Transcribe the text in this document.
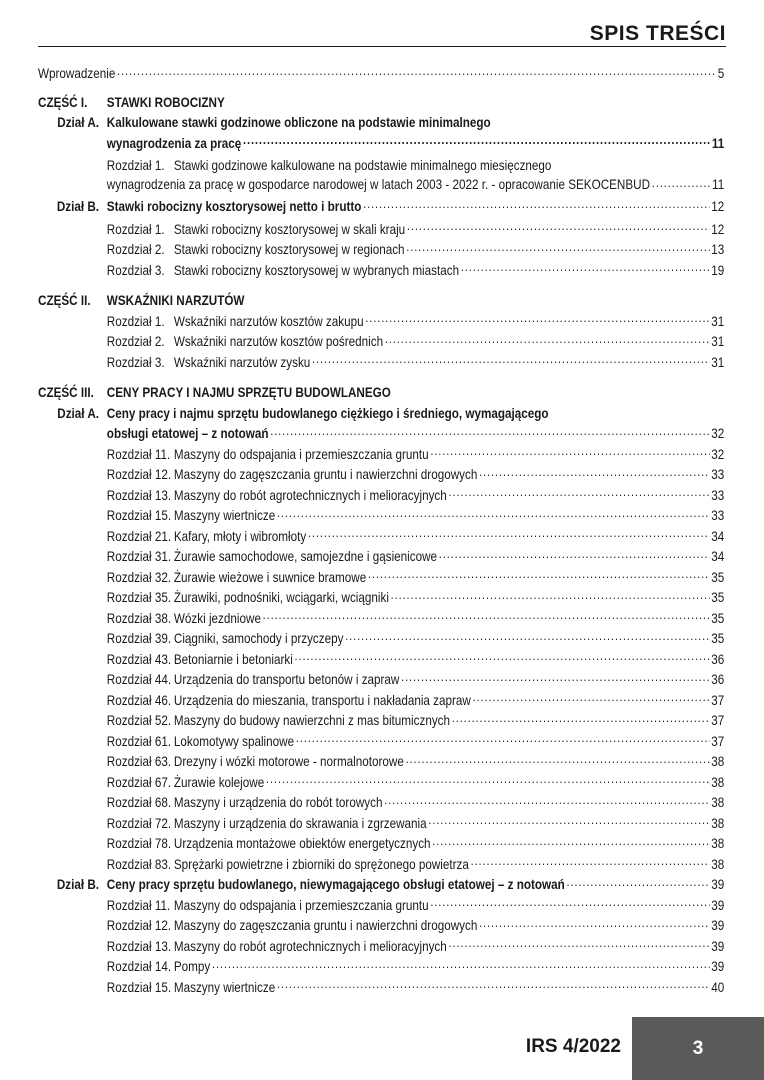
SPIS TREŚCI
Wprowadzenie .....	5
CZĘŚĆ I.	STAWKI ROBOCIZNY
Dział A. Kalkulowane stawki godzinowe obliczone na podstawie minimalnego
wynagrodzenia za pracę .....	11
Rozdział 1. Stawki godzinowe kalkulowane na podstawie minimalnego miesięcznego
wynagrodzenia za pracę w gospodarce narodowej w latach 2003 - 2022 r. - opracowanie SEKOCENBUD .....	11
Dział B. Stawki robocizny kosztorysowej netto i brutto .....	12
Rozdział 1. Stawki robocizny kosztorysowej w skali kraju .....	12
Rozdział 2. Stawki robocizny kosztorysowej w regionach .....	13
Rozdział 3. Stawki robocizny kosztorysowej w wybranych miastach .....	19
CZĘŚĆ II.	WSKAŹNIKI NARZUTÓW
Rozdział 1. Wskaźniki narzutów kosztów zakupu .....	31
Rozdział 2. Wskaźniki narzutów kosztów pośrednich .....	31
Rozdział 3. Wskaźniki narzutów zysku .....	31
CZĘŚĆ III. CENY PRACY I NAJMU SPRZĘTU BUDOWLANEGO
Dział A. Ceny pracy i najmu sprzętu budowlanego ciężkiego i średniego, wymagającego
obsługi etatowej – z notowań .....	32
Rozdział 11. Maszyny do odspajania i przemieszczania gruntu .....	32
Rozdział 12. Maszyny do zagęszczania gruntu i nawierzchni drogowych .....	33
Rozdział 13. Maszyny do robót agrotechnicznych i melioracyjnych .....	33
Rozdział 15. Maszyny wiertnicze .....	33
Rozdział 21. Kafary, młoty i wibromłoty .....	34
Rozdział 31. Żurawie samochodowe, samojezdne i gąsienicowe .....	34
Rozdział 32. Żurawie wieżowe i suwnice bramowe .....	35
Rozdział 35. Żurawiki, podnośniki, wciągarki, wciągniki .....	35
Rozdział 38. Wózki jezdniowe .....	35
Rozdział 39. Ciągniki, samochody i przyczepy .....	35
Rozdział 43. Betoniarnie i betoniarki .....	36
Rozdział 44. Urządzenia do transportu betonów i zapraw .....	36
Rozdział 46. Urządzenia do mieszania, transportu i nakładania zapraw .....	37
Rozdział 52. Maszyny do budowy nawierzchni z mas bitumicznych .....	37
Rozdział 61. Lokomotywy spalinowe .....	37
Rozdział 63. Drezyny i wózki motorowe - normalnotorowe .....	38
Rozdział 67. Żurawie kolejowe .....	38
Rozdział 68. Maszyny i urządzenia do robót torowych .....	38
Rozdział 72. Maszyny i urządzenia do skrawania i zgrzewania .....	38
Rozdział 78. Urządzenia montażowe obiektów energetycznych .....	38
Rozdział 83. Sprężarki powietrzne i zbiorniki do sprężonego powietrza .....	38
Dział B. Ceny pracy sprzętu budowlanego, niewymagającego obsługi etatowej – z notowań .....	39
Rozdział 11. Maszyny do odspajania i przemieszczania gruntu .....	39
Rozdział 12. Maszyny do zagęszczania gruntu i nawierzchni drogowych .....	39
Rozdział 13. Maszyny do robót agrotechnicznych i melioracyjnych .....	39
Rozdział 14. Pompy .....	39
Rozdział 15. Maszyny wiertnicze .....	40
IRS 4/2022	3
